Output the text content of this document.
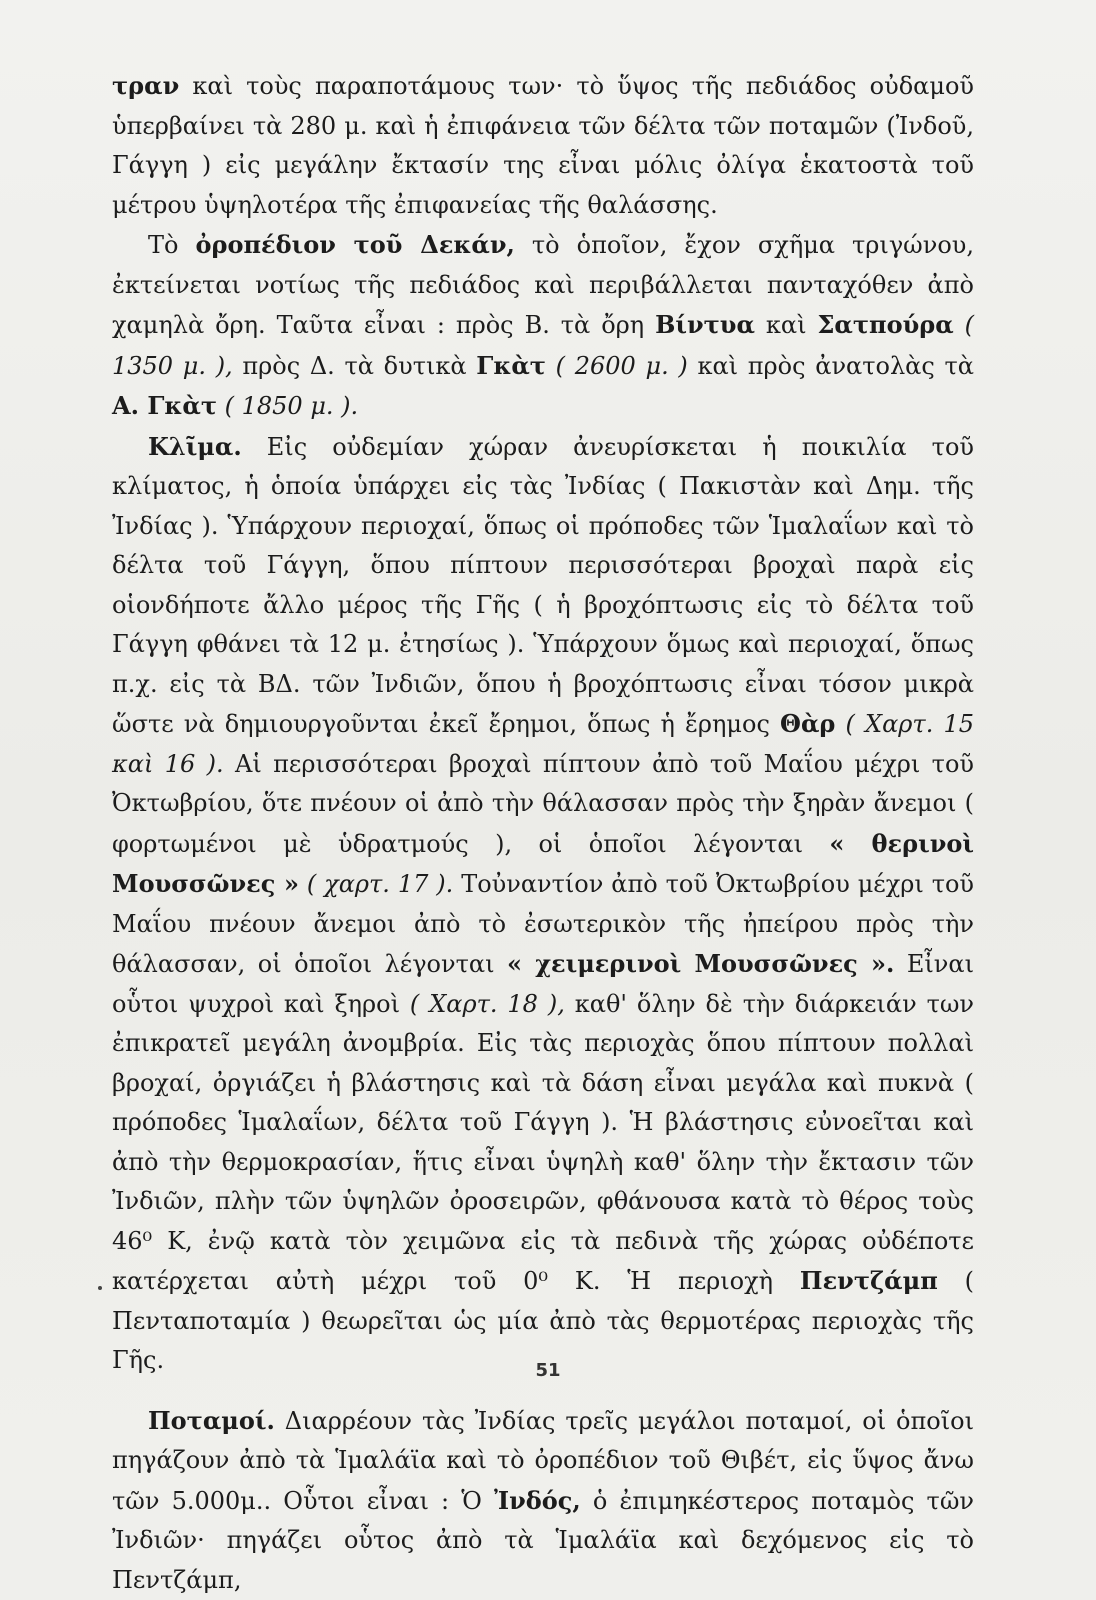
τραν καὶ τοὺς παραποτάμους των· τὸ ὕψος τῆς πεδιάδος οὐδαμοῦ ὑπερβαίνει τὰ 280 μ. καὶ ἡ ἐπιφάνεια τῶν δέλτα τῶν ποταμῶν (Ἰνδοῦ, Γάγγη ) εἰς μεγάλην ἔκτασίν της εἶναι μόλις ὀλίγα ἑκατοστὰ τοῦ μέτρου ὑψηλοτέρα τῆς ἐπιφανείας τῆς θαλάσσης.

Τὸ ὀροπέδιον τοῦ Δεκάν, τὸ ὁποῖον, ἔχον σχῆμα τριγώνου, ἐκτείνεται νοτίως τῆς πεδιάδος καὶ περιβάλλεται πανταχόθεν ἀπὸ χαμηλὰ ὄρη. Ταῦτα εἶναι : πρὸς Β. τὰ ὄρη Βίντυα καὶ Σατπούρα ( 1350 μ. ), πρὸς Δ. τὰ δυτικὰ Γκὰτ ( 2600 μ. ) καὶ πρὸς ἀνατολὰς τὰ Α. Γκὰτ ( 1850 μ. ).

Κλῖμα. Εἰς οὐδεμίαν χώραν ἀνευρίσκεται ἡ ποικιλία τοῦ κλίματος, ἡ ὁποία ὑπάρχει εἰς τὰς Ἰνδίας ( Πακιστὰν καὶ Δημ. τῆς Ἰνδίας ). Ὑπάρχουν περιοχαί, ὅπως οἱ πρόποδες τῶν Ἱμαλαΐων καὶ τὸ δέλτα τοῦ Γάγγη, ὅπου πίπτουν περισσότεραι βροχαὶ παρὰ εἰς οἱονδήποτε ἄλλο μέρος τῆς Γῆς ( ἡ βροχόπτωσις εἰς τὸ δέλτα τοῦ Γάγγη φθάνει τὰ 12 μ. ἐτησίως ). Ὑπάρχουν ὅμως καὶ περιοχαί, ὅπως π.χ. εἰς τὰ ΒΔ. τῶν Ἰνδιῶν, ὅπου ἡ βροχόπτωσις εἶναι τόσον μικρὰ ὥστε νὰ δημιουργοῦνται ἐκεῖ ἔρημοι, ὅπως ἡ ἔρημος Θὰρ ( Χαρτ. 15 καὶ 16 ). Αἱ περισσότεραι βροχαὶ πίπτουν ἀπὸ τοῦ Μαΐου μέχρι τοῦ Ὀκτωβρίου, ὅτε πνέουν οἱ ἀπὸ τὴν θάλασσαν πρὸς τὴν ξηρὰν ἄνεμοι ( φορτωμένοι μὲ ὑδρατμούς ), οἱ ὁποῖοι λέγονται « θερινοὶ Μουσσῶνες » ( χαρτ. 17 ). Τοὐναντίον ἀπὸ τοῦ Ὀκτωβρίου μέχρι τοῦ Μαΐου πνέουν ἄνεμοι ἀπὸ τὸ ἐσωτερικὸν τῆς ἠπείρου πρὸς τὴν θάλασσαν, οἱ ὁποῖοι λέγονται « χειμερινοὶ Μουσσῶνες ». Εἶναι οὗτοι ψυχροὶ καὶ ξηροὶ ( Χαρτ. 18 ), καθ' ὅλην δὲ τὴν διάρκειάν των ἐπικρατεῖ μεγάλη ἀνομβρία. Εἰς τὰς περιοχὰς ὅπου πίπτουν πολλαὶ βροχαί, ὀργιάζει ἡ βλάστησις καὶ τὰ δάση εἶναι μεγάλα καὶ πυκνὰ ( πρόποδες Ἱμαλαΐων, δέλτα τοῦ Γάγγη ). Ἡ βλάστησις εὐνοεῖται καὶ ἀπὸ τὴν θερμοκρασίαν, ἥτις εἶναι ὑψηλὴ καθ' ὅλην τὴν ἔκτασιν τῶν Ἰνδιῶν, πλὴν τῶν ὑψηλῶν ὀροσειρῶν, φθάνουσα κατὰ τὸ θέρος τοὺς 46⁰ Κ, ἐνῷ κατὰ τὸν χειμῶνα εἰς τὰ πεδινὰ τῆς χώρας οὐδέποτε κατέρχεται αὐτὴ μέχρι τοῦ 0⁰ Κ. Ἡ περιοχὴ Πεντζάμπ ( Πενταποταμία ) θεωρεῖται ὡς μία ἀπὸ τὰς θερμοτέρας περιοχὰς τῆς Γῆς.

Ποταμοί. Διαρρέουν τὰς Ἰνδίας τρεῖς μεγάλοι ποταμοί, οἱ ὁποῖοι πηγάζουν ἀπὸ τὰ Ἱμαλάϊα καὶ τὸ ὀροπέδιον τοῦ Θιβέτ, εἰς ὕψος ἄνω τῶν 5.000μ.. Οὗτοι εἶναι : Ὁ Ἰνδός, ὁ ἐπιμηκέστερος ποταμὸς τῶν Ἰνδιῶν· πηγάζει οὗτος ἀπὸ τὰ Ἱμαλάϊα καὶ δεχόμενος εἰς τὸ Πεντζάμπ,

51
